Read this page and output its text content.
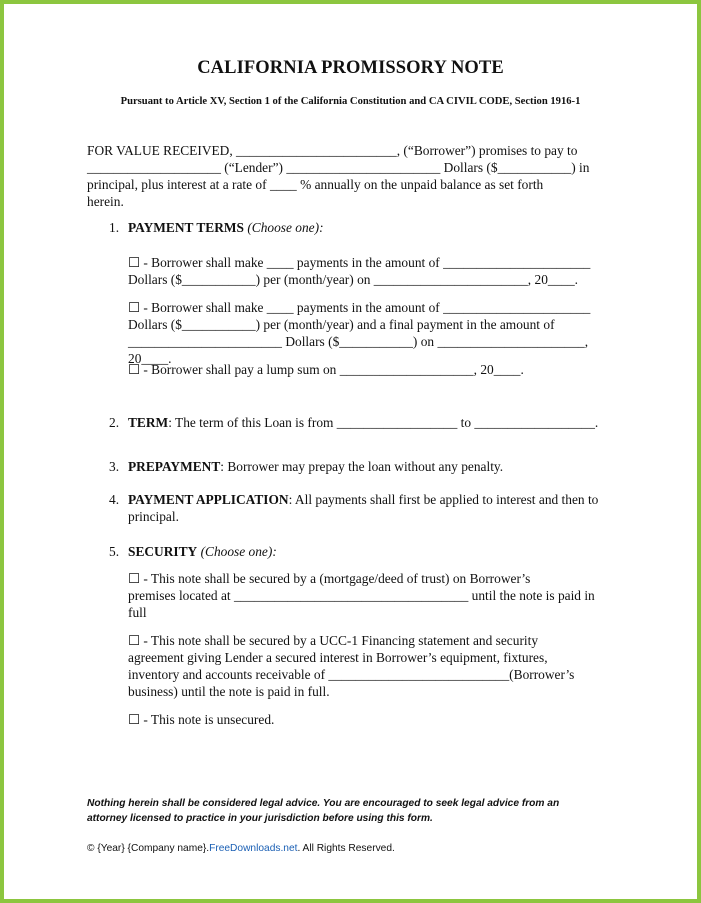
CALIFORNIA PROMISSORY NOTE
Pursuant to Article XV, Section 1 of the California Constitution and CA CIVIL CODE, Section 1916-1
FOR VALUE RECEIVED, ________________________, (“Borrower”) promises to pay to
____________________ (“Lender”) _______________________ Dollars ($___________) in
principal, plus interest at a rate of ____ % annually on the unpaid balance as set forth
herein.
1. PAYMENT TERMS (Choose one):
☐ - Borrower shall make ____ payments in the amount of ______________________
Dollars ($___________) per (month/year) on _______________________, 20____.
☐ - Borrower shall make ____ payments in the amount of ______________________
Dollars ($___________) per (month/year) and a final payment in the amount of
_______________________ Dollars ($___________) on ______________________, 20____.
☐ - Borrower shall pay a lump sum on ____________________, 20____.
2. TERM: The term of this Loan is from __________________ to __________________.
3. PREPAYMENT: Borrower may prepay the loan without any penalty.
4. PAYMENT APPLICATION: All payments shall first be applied to interest and then to
principal.
5. SECURITY (Choose one):
☐ - This note shall be secured by a (mortgage/deed of trust) on Borrower’s
premises located at ___________________________________ until the note is paid in
full
☐ - This note shall be secured by a UCC-1 Financing statement and security
agreement giving Lender a secured interest in Borrower’s equipment, fixtures,
inventory and accounts receivable of ___________________________(Borrower’s
business) until the note is paid in full.
☐ - This note is unsecured.
Nothing herein shall be considered legal advice. You are encouraged to seek legal advice from an
attorney licensed to practice in your jurisdiction before using this form.
© {Year} {Company name}.FreeDownloads.net. All Rights Reserved.
